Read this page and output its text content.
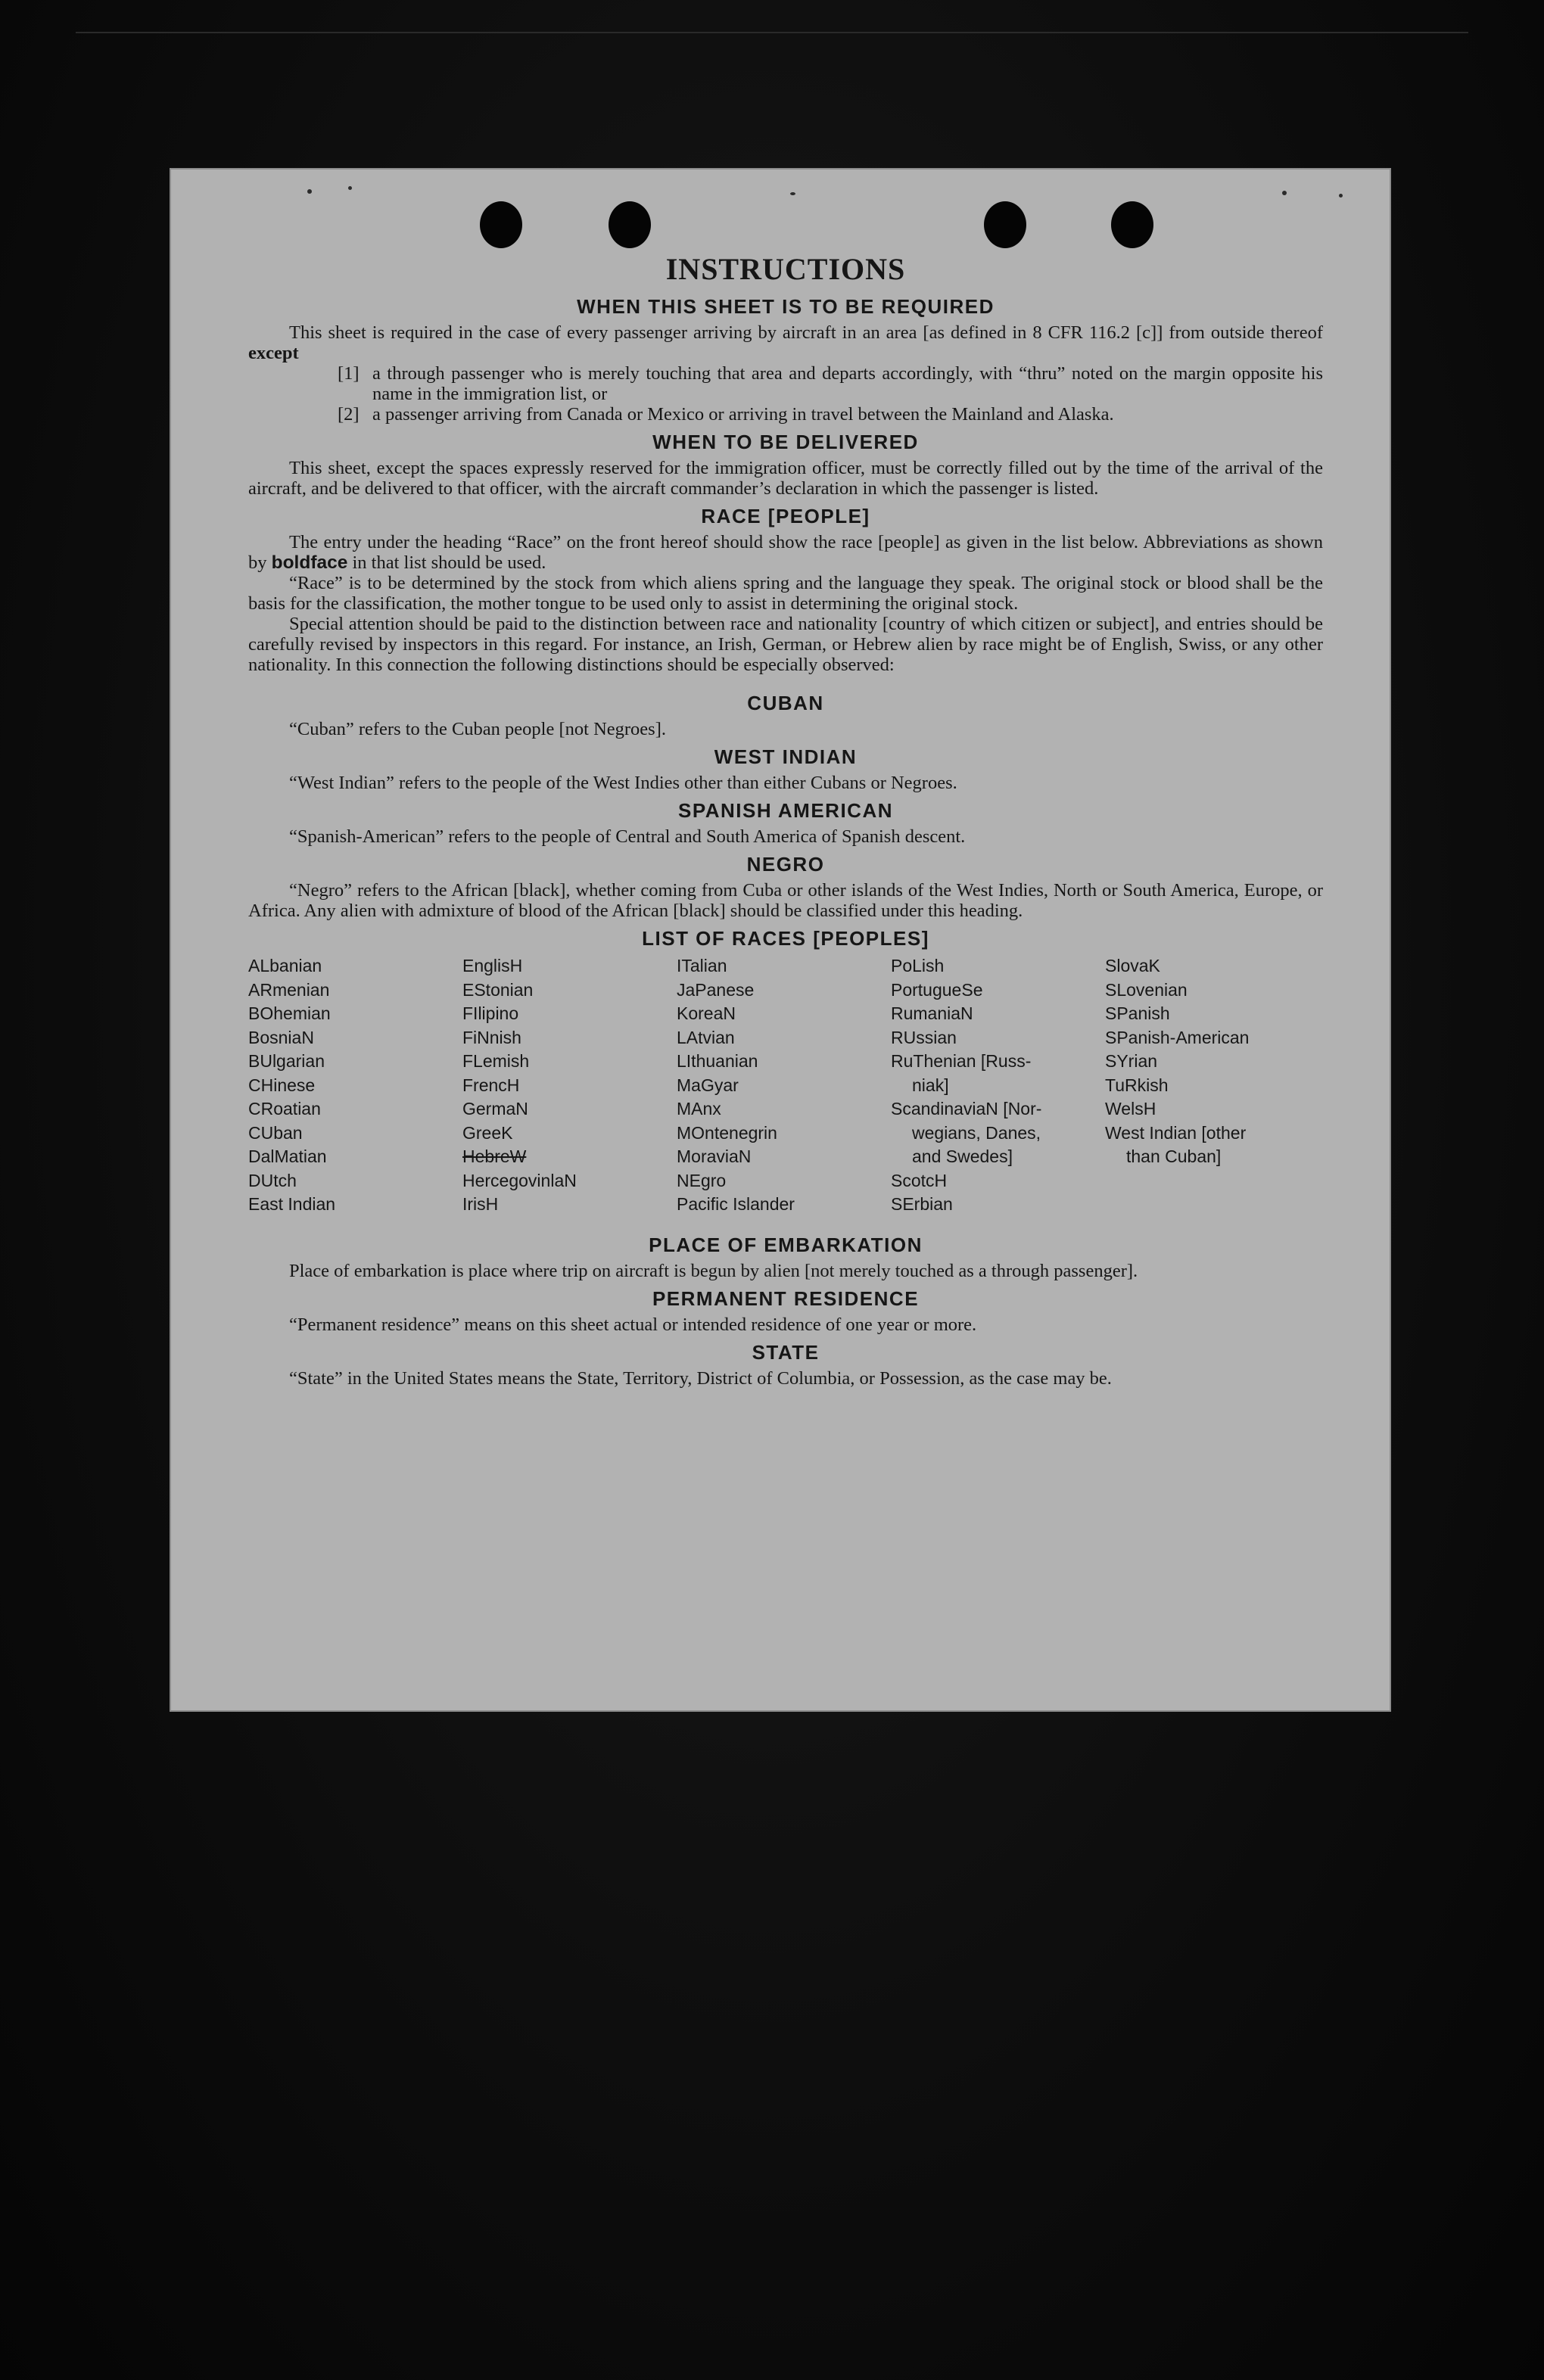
INSTRUCTIONS
WHEN THIS SHEET IS TO BE REQUIRED

This sheet is required in the case of every passenger arriving by aircraft in an area [as defined in 8 CFR 116.2 [c]] from outside thereof except

[1] a through passenger who is merely touching that area and departs accordingly, with “thru” noted on the margin opposite his name in the immigration list, or
[2] a passenger arriving from Canada or Mexico or arriving in travel between the Mainland and Alaska.
WHEN TO BE DELIVERED

This sheet, except the spaces expressly reserved for the immigration officer, must be correctly filled out by the time of the arrival of the aircraft, and be delivered to that officer, with the aircraft commander’s declaration in which the passenger is listed.

RACE [PEOPLE]

The entry under the heading “Race” on the front hereof should show the race [people] as given in the list below. Abbreviations as shown by boldface in that list should be used.

“Race” is to be determined by the stock from which aliens spring and the language they speak. The original stock or blood shall be the basis for the classification, the mother tongue to be used only to assist in determining the original stock.

Special attention should be paid to the distinction between race and nationality [country of which citizen or subject], and entries should be carefully revised by inspectors in this regard. For instance, an Irish, German, or Hebrew alien by race might be of English, Swiss, or any other nationality. In this connection the following distinctions should be especially observed:

CUBAN

“Cuban” refers to the Cuban people [not Negroes].

WEST INDIAN

“West Indian” refers to the people of the West Indies other than either Cubans or Negroes.

SPANISH AMERICAN

“Spanish-American” refers to the people of Central and South America of Spanish descent.

NEGRO

“Negro” refers to the African [black], whether coming from Cuba or other islands of the West Indies, North or South America, Europe, or Africa. Any alien with admixture of blood of the African [black] should be classified under this heading.

LIST OF RACES [PEOPLES]
ALbanian
ARmenian
BOhemian
BosniaN
BUlgarian
CHinese
CRoatian
CUban
DalMatian
DUtch
East Indian
EnglisH
EStonian
FIlipino
FiNnish
FLemish
FrencH
GermaN
GreeK
HebreW
HercegovinlaN
IrisH
ITalian
JaPanese
KoreaN
LAtvian
LIthuanian
MaGyar
MAnx
MOntenegrin
MoraviaN
NEgro
Pacific Islander
PoLish
PortugueSe
RumaniaN
RUssian
RuThenian [Russ-
niak]
ScandinaviaN [Nor-
wegians, Danes,
and Swedes]
ScotcH
SErbian
SlovaK
SLovenian
SPanish
SPanish-American
SYrian
TuRkish
WelsH
West Indian [other
than Cuban]
PLACE OF EMBARKATION

Place of embarkation is place where trip on aircraft is begun by alien [not merely touched as a through passenger].

PERMANENT RESIDENCE

“Permanent residence” means on this sheet actual or intended residence of one year or more.

STATE

“State” in the United States means the State, Territory, District of Columbia, or Possession, as the case may be.
